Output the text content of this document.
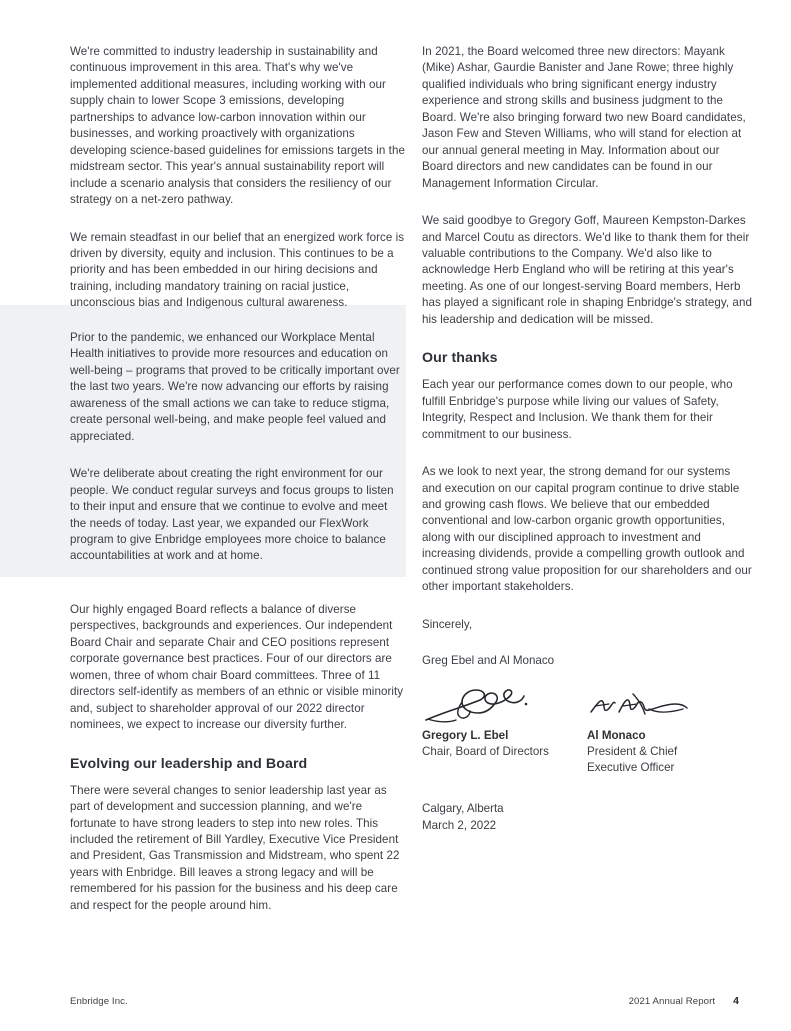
We're committed to industry leadership in sustainability and continuous improvement in this area. That's why we've implemented additional measures, including working with our supply chain to lower Scope 3 emissions, developing partnerships to advance low-carbon innovation within our businesses, and working proactively with organizations developing science-based guidelines for emissions targets in the midstream sector. This year's annual sustainability report will include a scenario analysis that considers the resiliency of our strategy on a net-zero pathway.

We remain steadfast in our belief that an energized work force is driven by diversity, equity and inclusion. This continues to be a priority and has been embedded in our hiring decisions and training, including mandatory training on racial justice, unconscious bias and Indigenous cultural awareness.

Prior to the pandemic, we enhanced our Workplace Mental Health initiatives to provide more resources and education on well-being – programs that proved to be critically important over the last two years. We're now advancing our efforts by raising awareness of the small actions we can take to reduce stigma, create personal well-being, and make people feel valued and appreciated.

We're deliberate about creating the right environment for our people. We conduct regular surveys and focus groups to listen to their input and ensure that we continue to evolve and meet the needs of today. Last year, we expanded our FlexWork program to give Enbridge employees more choice to balance accountabilities at work and at home.

Our highly engaged Board reflects a balance of diverse perspectives, backgrounds and experiences. Our independent Board Chair and separate Chair and CEO positions represent corporate governance best practices. Four of our directors are women, three of whom chair Board committees. Three of 11 directors self-identify as members of an ethnic or visible minority and, subject to shareholder approval of our 2022 director nominees, we expect to increase our diversity further.

Evolving our leadership and Board

There were several changes to senior leadership last year as part of development and succession planning, and we're fortunate to have strong leaders to step into new roles. This included the retirement of Bill Yardley, Executive Vice President and President, Gas Transmission and Midstream, who spent 22 years with Enbridge. Bill leaves a strong legacy and will be remembered for his passion for the business and his deep care and respect for the people around him.

In 2021, the Board welcomed three new directors: Mayank (Mike) Ashar, Gaurdie Banister and Jane Rowe; three highly qualified individuals who bring significant energy industry experience and strong skills and business judgment to the Board. We're also bringing forward two new Board candidates, Jason Few and Steven Williams, who will stand for election at our annual general meeting in May. Information about our Board directors and new candidates can be found in our Management Information Circular.

We said goodbye to Gregory Goff, Maureen Kempston-Darkes and Marcel Coutu as directors. We'd like to thank them for their valuable contributions to the Company. We'd also like to acknowledge Herb England who will be retiring at this year's meeting. As one of our longest-serving Board members, Herb has played a significant role in shaping Enbridge's strategy, and his leadership and dedication will be missed.

Our thanks

Each year our performance comes down to our people, who fulfill Enbridge's purpose while living our values of Safety, Integrity, Respect and Inclusion. We thank them for their commitment to our business.

As we look to next year, the strong demand for our systems and execution on our capital program continue to drive stable and growing cash flows. We believe that our embedded conventional and low-carbon organic growth opportunities, along with our disciplined approach to investment and increasing dividends, provide a compelling growth outlook and continued strong value proposition for our shareholders and our other important stakeholders.

Sincerely,

Greg Ebel and Al Monaco

Gregory L. Ebel

Chair, Board of Directors

Al Monaco

President & Chief

Executive Officer

Calgary, Alberta
March 2, 2022
Enbridge Inc.	2021 Annual Report 4
